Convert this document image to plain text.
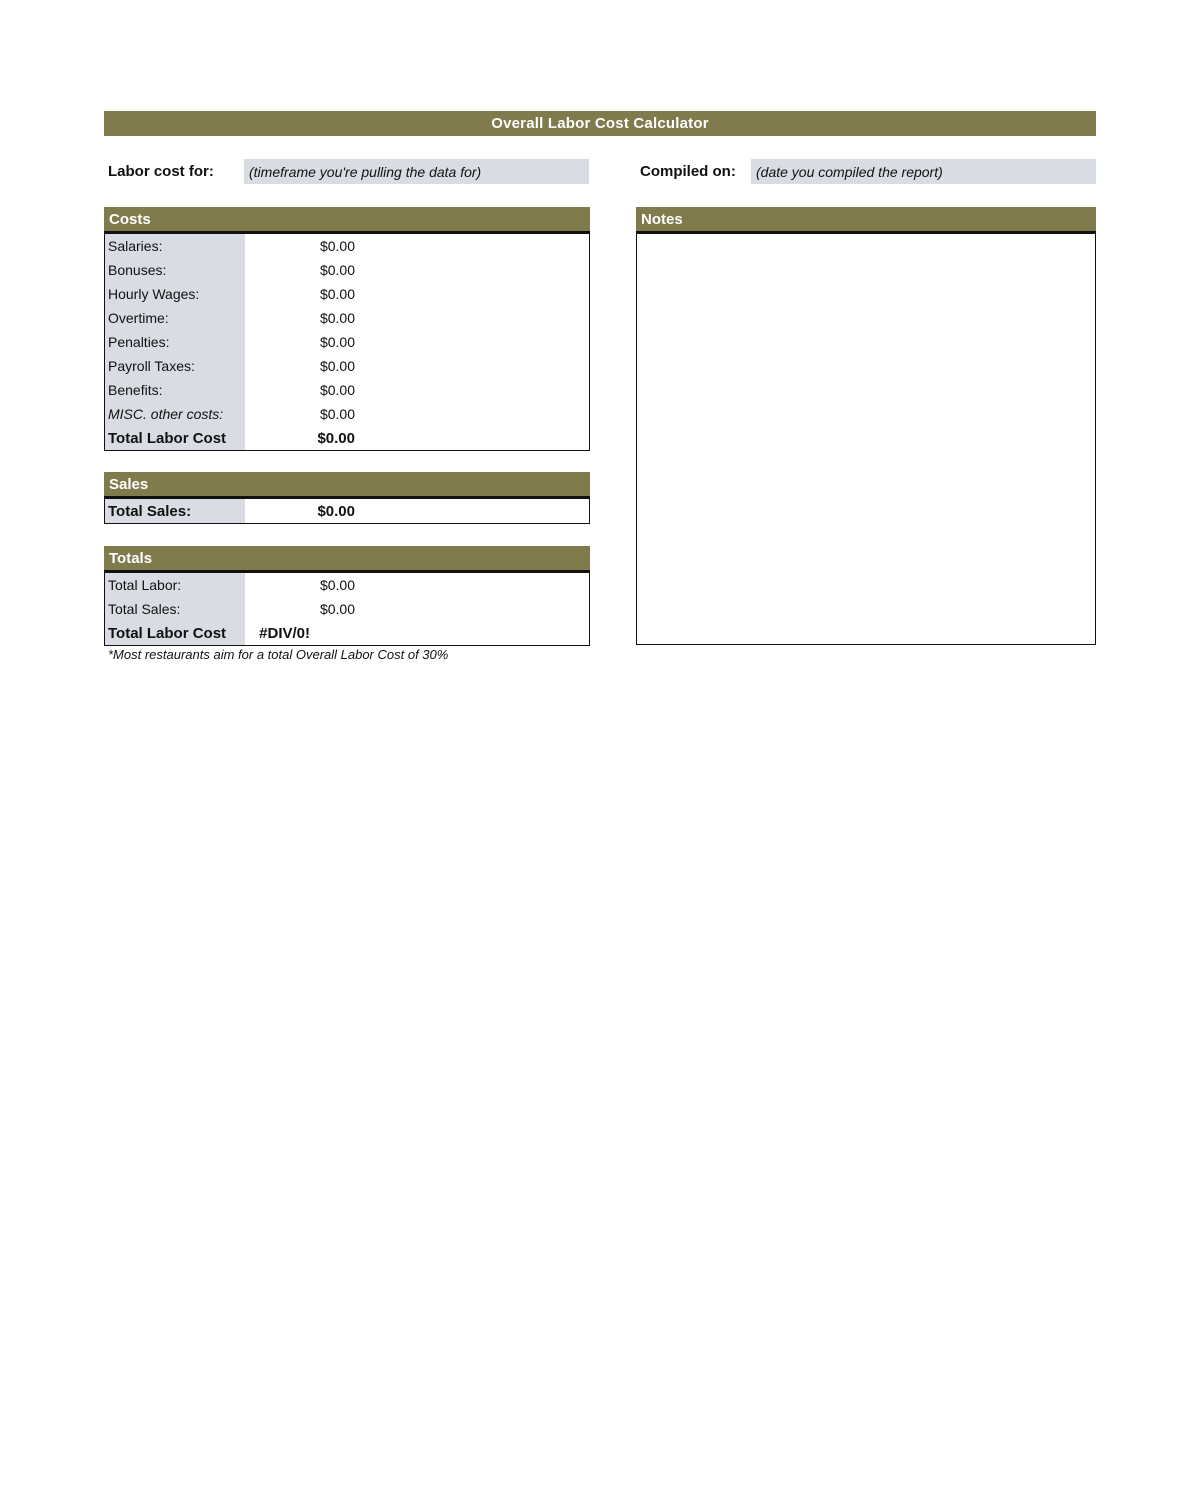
Overall Labor Cost Calculator
Labor cost for:	(timeframe you're pulling the data for)	Compiled on:	(date you compiled the report)
Costs
Salaries:	$0.00
Bonuses:	$0.00
Hourly Wages:	$0.00
Overtime:	$0.00
Penalties:	$0.00
Payroll Taxes:	$0.00
Benefits:	$0.00
MISC. other costs:	$0.00
Total Labor Cost	$0.00
Sales
Total Sales:	$0.00
Totals
Total Labor:	$0.00
Total Sales:	$0.00
Total Labor Cost	#DIV/0!
*Most restaurants aim for a total Overall Labor Cost of 30%
Notes
